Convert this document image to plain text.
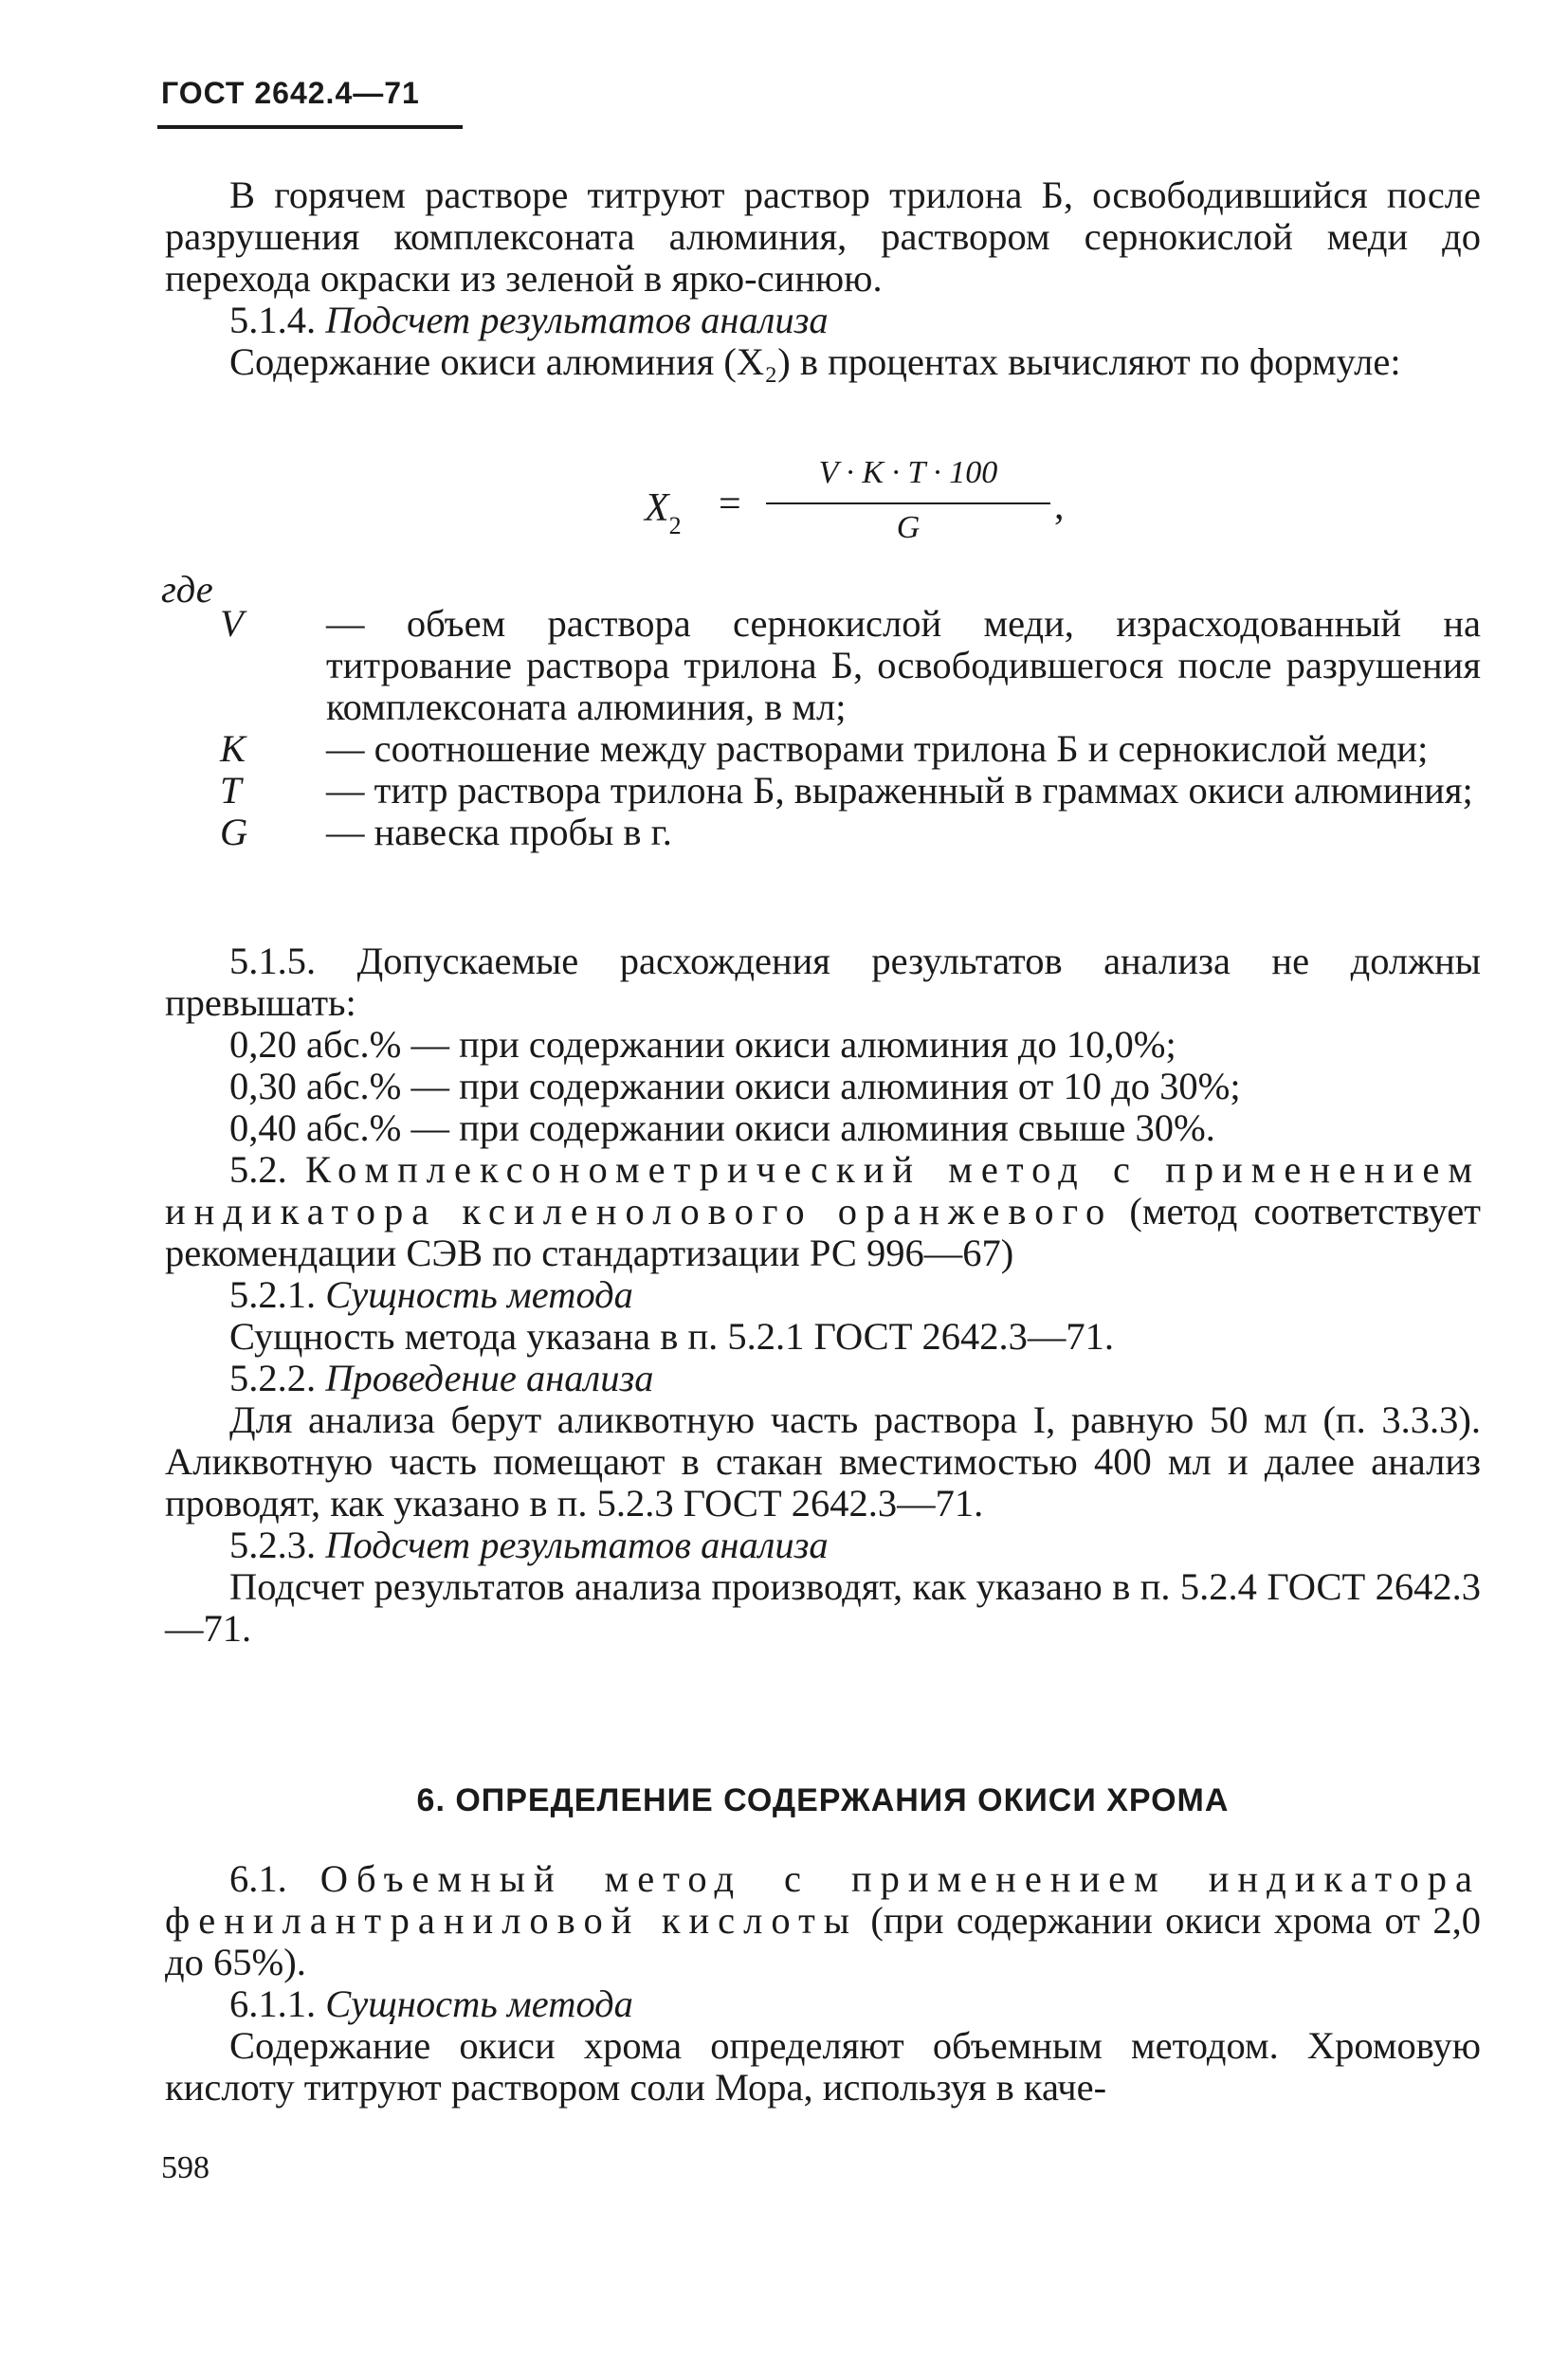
ГОСТ 2642.4—71

В горячем растворе титруют раствор трилона Б, освободившийся после разрушения комплексоната алюминия, раствором сернокислой меди до перехода окраски из зеленой в ярко-синюю.

5.1.4. Подсчет результатов анализа

Содержание окиси алюминия (X₂) в процентах вычисляют по формуле:

$X_2$ =
V · K · T · 100
G	,
где

V	— объем раствора сернокислой меди, израсходованный на титрование раствора трилона Б, освободившегося после разрушения комплексоната алюминия, в мл;

K	— соотношение между растворами трилона Б и сернокислой меди;

T	— титр раствора трилона Б, выраженный в граммах окиси алюминия;

G	— навеска пробы в г.

5.1.5. Допускаемые расхождения результатов анализа не должны превышать:

0,20 абс.% — при содержании окиси алюминия до 10,0%;

0,30 абс.% — при содержании окиси алюминия от 10 до 30%;

0,40 абс.% — при содержании окиси алюминия свыше 30%.

5.2. Комплексонометрический метод с применением индикатора ксиленолового оранжевого (метод соответствует рекомендации СЭВ по стандартизации РС 996—67)

5.2.1. Сущность метода

Сущность метода указана в п. 5.2.1 ГОСТ 2642.3—71.

5.2.2. Проведение анализа

Для анализа берут аликвотную часть раствора I, равную 50 мл (п. 3.3.3). Аликвотную часть помещают в стакан вместимостью 400 мл и далее анализ проводят, как указано в п. 5.2.3 ГОСТ 2642.3—71.

5.2.3. Подсчет результатов анализа

Подсчет результатов анализа производят, как указано в п. 5.2.4 ГОСТ 2642.3—71.

6. ОПРЕДЕЛЕНИЕ СОДЕРЖАНИЯ ОКИСИ ХРОМА

6.1. Объемный метод с применением индикатора фенилантраниловой кислоты (при содержании окиси хрома от 2,0 до 65%).

6.1.1. Сущность метода

Содержание окиси хрома определяют объемным методом. Хромовую кислоту титруют раствором соли Мора, используя в каче-

598
